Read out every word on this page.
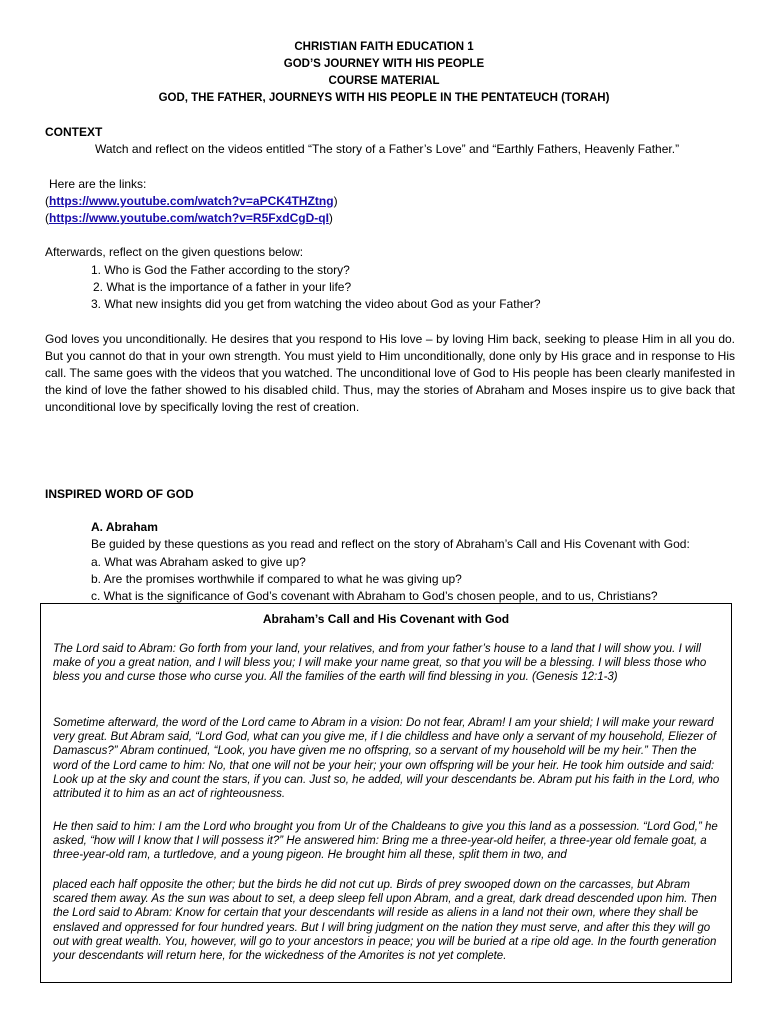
CHRISTIAN FAITH EDUCATION 1
GOD’S JOURNEY WITH HIS PEOPLE
COURSE MATERIAL
GOD, THE FATHER, JOURNEYS WITH HIS PEOPLE IN THE PENTATEUCH (TORAH)
CONTEXT
Watch and reflect on the videos entitled “The story of a Father’s Love” and “Earthly Fathers, Heavenly Father.”
Here are the links:
(https://www.youtube.com/watch?v=aPCK4THZtng)
(https://www.youtube.com/watch?v=R5FxdCgD-qI)
Afterwards, reflect on the given questions below:
1. Who is God the Father according to the story?
2. What is the importance of a father in your life?
3. What new insights did you get from watching the video about God as your Father?
God loves you unconditionally. He desires that you respond to His love – by loving Him back, seeking to please Him in all you do. But you cannot do that in your own strength. You must yield to Him unconditionally, done only by His grace and in response to His call. The same goes with the videos that you watched. The unconditional love of God to His people has been clearly manifested in the kind of love the father showed to his disabled child. Thus, may the stories of Abraham and Moses inspire us to give back that unconditional love by specifically loving the rest of creation.
INSPIRED WORD OF GOD
A. Abraham
Be guided by these questions as you read and reflect on the story of Abraham’s Call and His Covenant with God:
a. What was Abraham asked to give up?
b. Are the promises worthwhile if compared to what he was giving up?
c. What is the significance of God’s covenant with Abraham to God’s chosen people, and to us, Christians?
Abraham’s Call and His Covenant with God
The Lord said to Abram: Go forth from your land, your relatives, and from your father’s house to a land that I will show you. I will make of you a great nation, and I will bless you; I will make your name great, so that you will be a blessing. I will bless those who bless you and curse those who curse you. All the families of the earth will find blessing in you. (Genesis 12:1-3)
Sometime afterward, the word of the Lord came to Abram in a vision: Do not fear, Abram! I am your shield; I will make your reward very great. But Abram said, “Lord God, what can you give me, if I die childless and have only a servant of my household, Eliezer of Damascus?” Abram continued, “Look, you have given me no offspring, so a servant of my household will be my heir.” Then the word of the Lord came to him: No, that one will not be your heir; your own offspring will be your heir. He took him outside and said: Look up at the sky and count the stars, if you can. Just so, he added, will your descendants be. Abram put his faith in the Lord, who attributed it to him as an act of righteousness.
He then said to him: I am the Lord who brought you from Ur of the Chaldeans to give you this land as a possession. “Lord God,” he asked, “how will I know that I will possess it?” He answered him: Bring me a three-year-old heifer, a three-year old female goat, a three-year-old ram, a turtledove, and a young pigeon. He brought him all these, split them in two, and
placed each half opposite the other; but the birds he did not cut up. Birds of prey swooped down on the carcasses, but Abram scared them away. As the sun was about to set, a deep sleep fell upon Abram, and a great, dark dread descended upon him. Then the Lord said to Abram: Know for certain that your descendants will reside as aliens in a land not their own, where they shall be enslaved and oppressed for four hundred years. But I will bring judgment on the nation they must serve, and after this they will go out with great wealth. You, however, will go to your ancestors in peace; you will be buried at a ripe old age. In the fourth generation your descendants will return here, for the wickedness of the Amorites is not yet complete.
